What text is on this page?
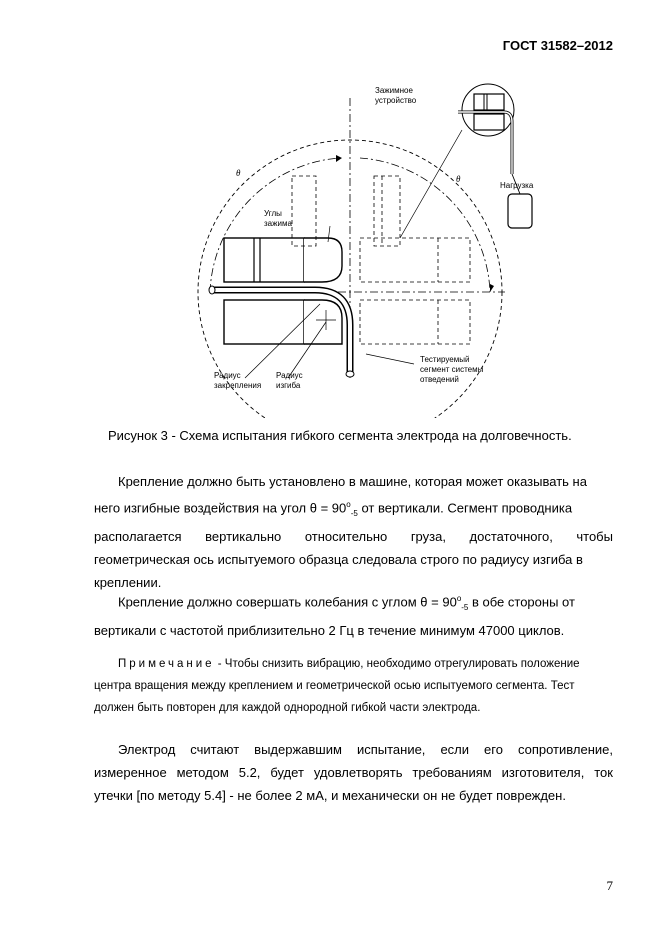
ГОСТ 31582–2012
θ
θ
Зажимное
устройство
Нагрузка
Углы
зажима
Радиус
закрепления
Радиус
изгиба
Тестируемый
сегмент системы
отведений
Рисунок 3 - Схема испытания гибкого сегмента электрода на долговечность.
Крепление должно быть установлено в машине, которая может оказывать на
него изгибные воздействия на угол $\theta = 90^o_{-5}$ от вертикали. Сегмент проводника
располагается вертикально относительно груза, достаточного, чтобы
геометрическая ось испытуемого образца следовала строго по радиусу изгиба в
креплении.
Крепление должно совершать колебания с углом $\theta = 90^o_{-5}$ в обе стороны от
вертикали с частотой приблизительно 2 Гц в течение минимум 47000 циклов.
Примечание - Чтобы снизить вибрацию, необходимо отрегулировать положение
центра вращения между креплением и геометрической осью испытуемого сегмента. Тест
должен быть повторен для каждой однородной гибкой части электрода.
Электрод считают выдержавшим испытание, если его сопротивление,
измеренное методом 5.2, будет удовлетворять требованиям изготовителя, ток
утечки [по методу 5.4] - не более 2 мА, и механически он не будет поврежден.
7
